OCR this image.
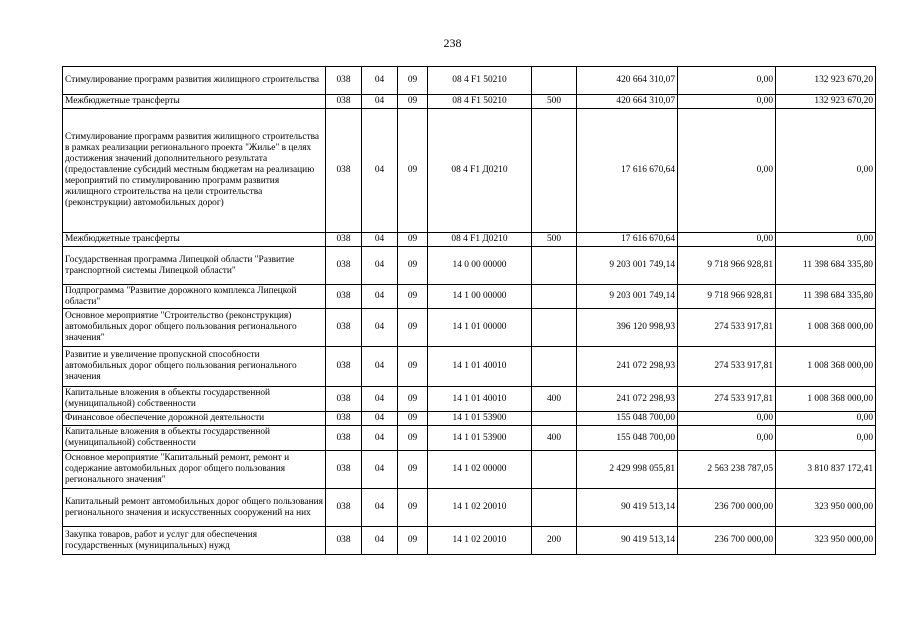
238
Стимулирование программ развития жилищного строительства	038	04	09	08 4 F1 50210		420 664 310,07	0,00	132 923 670,20
Межбюджетные трансферты	038	04	09	08 4 F1 50210	500	420 664 310,07	0,00	132 923 670,20
Стимулирование программ развития жилищного строительства в рамках реализации регионального проекта "Жилье" в целях достижения значений дополнительного результата (предоставление субсидий местным бюджетам на реализацию мероприятий по стимулированию программ развития жилищного строительства на цели строительства (реконструкции) автомобильных дорог)	038	04	09	08 4 F1 Д0210		17 616 670,64	0,00	0,00
Межбюджетные трансферты	038	04	09	08 4 F1 Д0210	500	17 616 670,64	0,00	0,00
Государственная программа Липецкой области "Развитие транспортной системы Липецкой области"	038	04	09	14 0 00 00000		9 203 001 749,14	9 718 966 928,81	11 398 684 335,80
Подпрограмма "Развитие дорожного комплекса Липецкой области"	038	04	09	14 1 00 00000		9 203 001 749,14	9 718 966 928,81	11 398 684 335,80
Основное мероприятие "Строительство (реконструкция) автомобильных дорог общего пользования регионального значения"	038	04	09	14 1 01 00000		396 120 998,93	274 533 917,81	1 008 368 000,00
Развитие и увеличение пропускной способности автомобильных дорог общего пользования регионального значения	038	04	09	14 1 01 40010		241 072 298,93	274 533 917,81	1 008 368 000,00
Капитальные вложения в объекты государственной (муниципальной) собственности	038	04	09	14 1 01 40010	400	241 072 298,93	274 533 917,81	1 008 368 000,00
Финансовое обеспечение дорожной деятельности	038	04	09	14 1 01 53900		155 048 700,00	0,00	0,00
Капитальные вложения в объекты государственной (муниципальной) собственности	038	04	09	14 1 01 53900	400	155 048 700,00	0,00	0,00
Основное мероприятие "Капитальный ремонт, ремонт и содержание автомобильных дорог общего пользования регионального значения"	038	04	09	14 1 02 00000		2 429 998 055,81	2 563 238 787,05	3 810 837 172,41
Капитальный ремонт автомобильных дорог общего пользования регионального значения и искусственных сооружений на них	038	04	09	14 1 02 20010		90 419 513,14	236 700 000,00	323 950 000,00
Закупка товаров, работ и услуг для обеспечения государственных (муниципальных) нужд	038	04	09	14 1 02 20010	200	90 419 513,14	236 700 000,00	323 950 000,00
